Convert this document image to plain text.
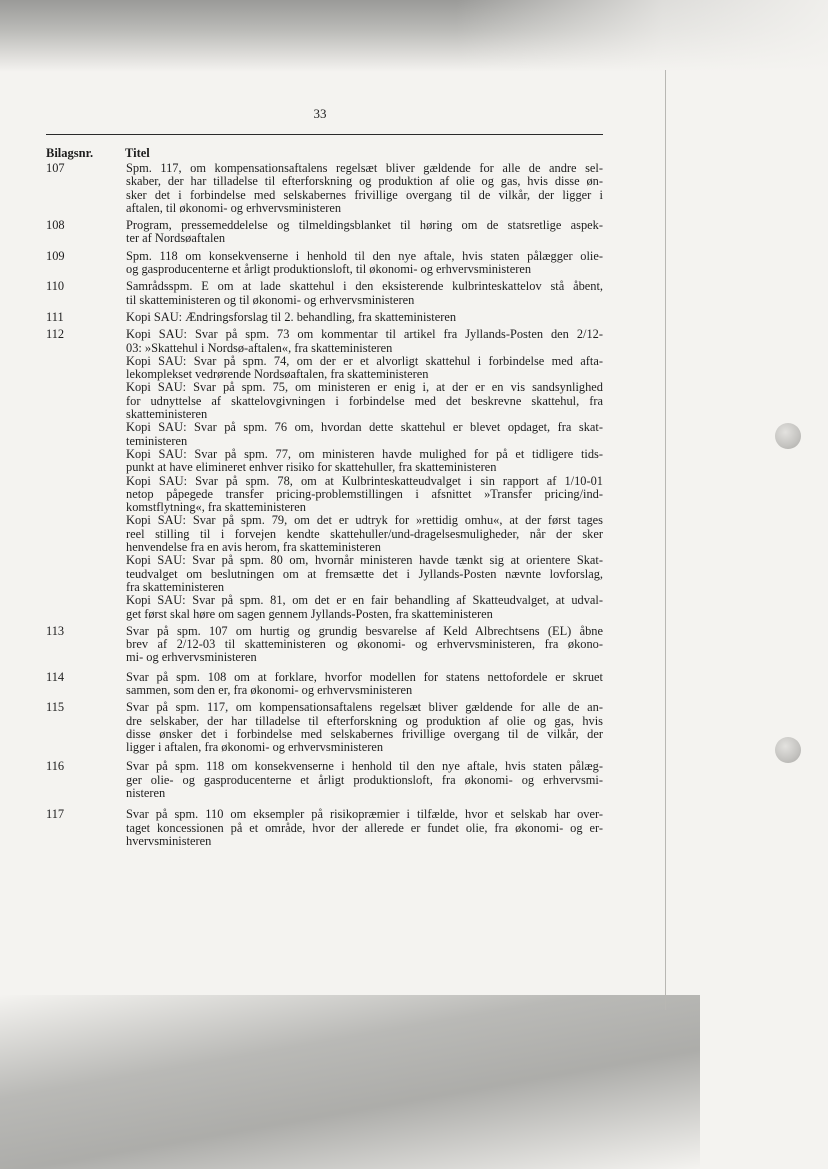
33
Bilagsnr.	Titel
107	Spm. 117, om kompensationsaftalens regelsæt bliver gældende for alle de andre sel-
skaber, der har tilladelse til efterforskning og produktion af olie og gas, hvis disse øn-
sker det i forbindelse med selskabernes frivillige overgang til de vilkår, der ligger i
aftalen, til økonomi- og erhvervsministeren
108	Program, pressemeddelelse og tilmeldingsblanket til høring om de statsretlige aspek-
ter af Nordsøaftalen
109	Spm. 118 om konsekvenserne i henhold til den nye aftale, hvis staten pålægger olie-
og gasproducenterne et årligt produktionsloft, til økonomi- og erhvervsministeren
110	Samrådsspm. E om at lade skattehul i den eksisterende kulbrinteskattelov stå åbent,
til skatteministeren og til økonomi- og erhvervsministeren
111	Kopi SAU: Ændringsforslag til 2. behandling, fra skatteministeren
112	Kopi SAU: Svar på spm. 73 om kommentar til artikel fra Jyllands-Posten den 2/12-
03: »Skattehul i Nordsø-aftalen«, fra skatteministeren
Kopi SAU: Svar på spm. 74, om der er et alvorligt skattehul i forbindelse med afta-
lekomplekset vedrørende Nordsøaftalen, fra skatteministeren
Kopi SAU: Svar på spm. 75, om ministeren er enig i, at der er en vis sandsynlighed
for udnyttelse af skattelovgivningen i forbindelse med det beskrevne skattehul, fra
skatteministeren
Kopi SAU: Svar på spm. 76 om, hvordan dette skattehul er blevet opdaget, fra skat-
teministeren
Kopi SAU: Svar på spm. 77, om ministeren havde mulighed for på et tidligere tids-
punkt at have elimineret enhver risiko for skattehuller, fra skatteministeren
Kopi SAU: Svar på spm. 78, om at Kulbrinteskatteudvalget i sin rapport af 1/10-01
netop påpegede transfer pricing-problemstillingen i afsnittet »Transfer pricing/ind-
komstflytning«, fra skatteministeren
Kopi SAU: Svar på spm. 79, om det er udtryk for »rettidig omhu«, at der først tages
reel stilling til i forvejen kendte skattehuller/und-dragelsesmuligheder, når der sker
henvendelse fra en avis herom, fra skatteministeren
Kopi SAU: Svar på spm. 80 om, hvornår ministeren havde tænkt sig at orientere Skat-
teudvalget om beslutningen om at fremsætte det i Jyllands-Posten nævnte lovforslag,
fra skatteministeren
Kopi SAU: Svar på spm. 81, om det er en fair behandling af Skatteudvalget, at udval-
get først skal høre om sagen gennem Jyllands-Posten, fra skatteministeren
113	Svar på spm. 107 om hurtig og grundig besvarelse af Keld Albrechtsens (EL) åbne
brev af 2/12-03 til skatteministeren og økonomi- og erhvervsministeren, fra økono-
mi- og erhvervsministeren
114	Svar på spm. 108 om at forklare, hvorfor modellen for statens nettofordele er skruet
sammen, som den er, fra økonomi- og erhvervsministeren
115	Svar på spm. 117, om kompensationsaftalens regelsæt bliver gældende for alle de an-
dre selskaber, der har tilladelse til efterforskning og produktion af olie og gas, hvis
disse ønsker det i forbindelse med selskabernes frivillige overgang til de vilkår, der
ligger i aftalen, fra økonomi- og erhvervsministeren
116	Svar på spm. 118 om konsekvenserne i henhold til den nye aftale, hvis staten pålæg-
ger olie- og gasproducenterne et årligt produktionsloft, fra økonomi- og erhvervsmi-
nisteren
117	Svar på spm. 110 om eksempler på risikopræmier i tilfælde, hvor et selskab har over-
taget koncessionen på et område, hvor der allerede er fundet olie, fra økonomi- og er-
hvervsministeren
